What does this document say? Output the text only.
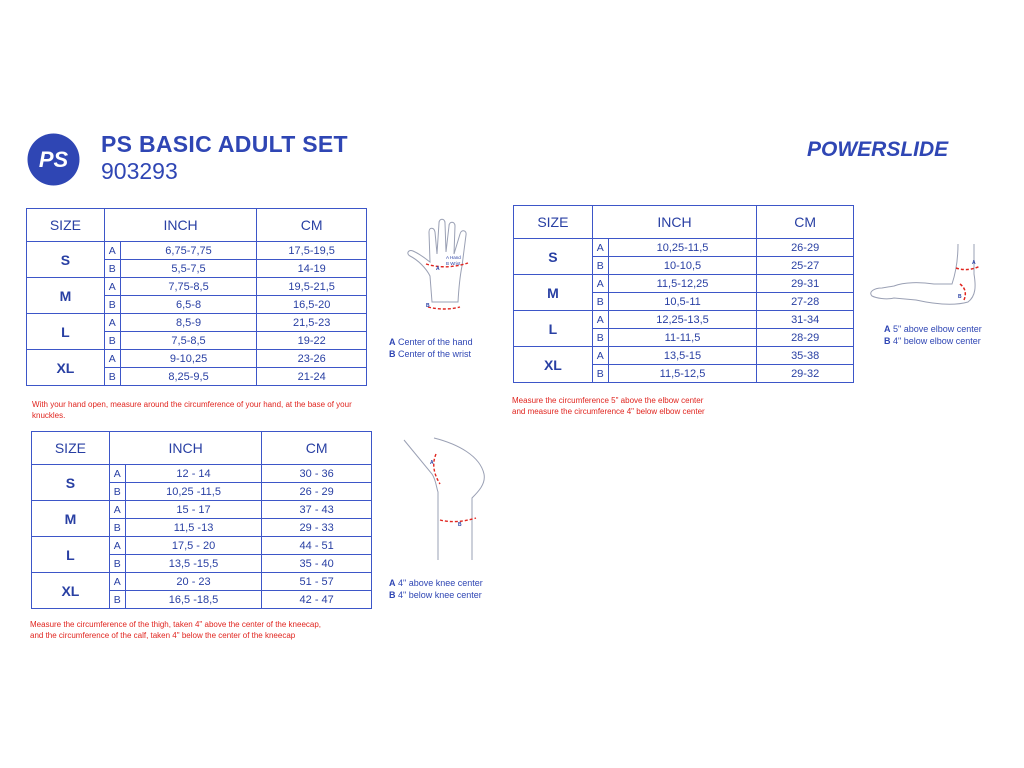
PS
PS BASIC ADULT SET
903293
POWERSLIDE
SIZE	INCH		CM
S	A	6,75-7,75	17,5-19,5
	B	5,5-7,5	14-19
M	A	7,75-8,5	19,5-21,5
	B	6,5-8	16,5-20
L	A	8,5-9	21,5-23
	B	7,5-8,5	19-22
XL	A	9-10,25	23-26
	B	8,25-9,5	21-24
With your hand open, measure around the circumference of your hand, at the base of your knuckles.
A Hand
B Wrist
A
B
A Center of the hand
B Center of the wrist
SIZE	INCH		CM
S	A	10,25-11,5	26-29
	B	10-10,5	25-27
M	A	11,5-12,25	29-31
	B	10,5-11	27-28
L	A	12,25-13,5	31-34
	B	11-11,5	28-29
XL	A	13,5-15	35-38
	B	11,5-12,5	29-32
Measure the circumference 5" above the elbow center
and measure the circumference 4" below elbow center
A
B
A 5" above elbow center
B 4" below elbow center
SIZE	INCH		CM
S	A	12 - 14	30 - 36
	B	10,25 -11,5	26 - 29
M	A	15 - 17	37 - 43
	B	11,5 -13	29 - 33
L	A	17,5 - 20	44 - 51
	B	13,5 -15,5	35 - 40
XL	A	20 - 23	51 - 57
	B	16,5 -18,5	42 - 47
Measure the circumference of the thigh, taken 4" above the center of the kneecap,
and the circumference of the calf, taken 4" below the center of the kneecap
A
B
A 4" above knee center
B 4" below knee center
